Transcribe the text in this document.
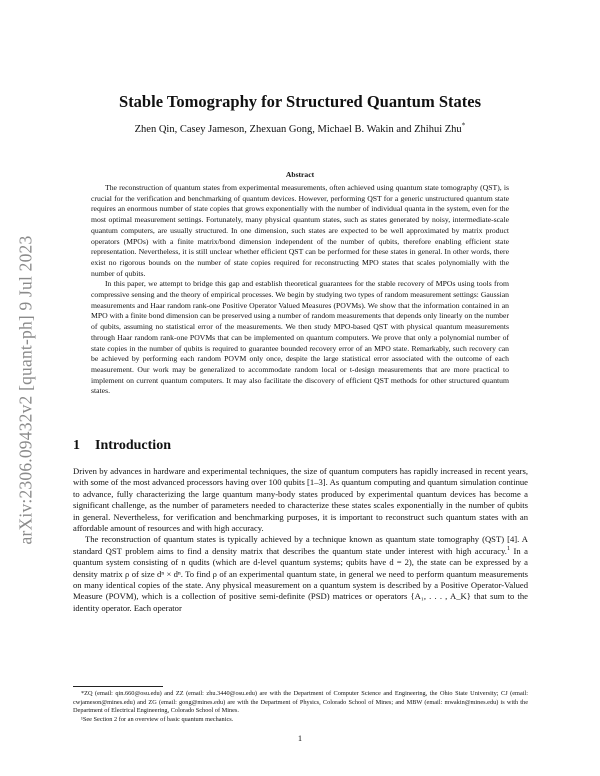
arXiv:2306.09432v2 [quant-ph] 9 Jul 2023
Stable Tomography for Structured Quantum States
Zhen Qin, Casey Jameson, Zhexuan Gong, Michael B. Wakin and Zhihui Zhu*
Abstract

The reconstruction of quantum states from experimental measurements, often achieved using quantum state tomography (QST), is crucial for the verification and benchmarking of quantum devices. However, performing QST for a generic unstructured quantum state requires an enormous number of state copies that grows exponentially with the number of individual quanta in the system, even for the most optimal measurement settings. Fortunately, many physical quantum states, such as states generated by noisy, intermediate-scale quantum computers, are usually structured. In one dimension, such states are expected to be well approximated by matrix product operators (MPOs) with a finite matrix/bond dimension independent of the number of qubits, therefore enabling efficient state representation. Nevertheless, it is still unclear whether efficient QST can be performed for these states in general. In other words, there exist no rigorous bounds on the number of state copies required for reconstructing MPO states that scales polynomially with the number of qubits.

In this paper, we attempt to bridge this gap and establish theoretical guarantees for the stable recovery of MPOs using tools from compressive sensing and the theory of empirical processes. We begin by studying two types of random measurement settings: Gaussian measurements and Haar random rank-one Positive Operator Valued Measures (POVMs). We show that the information contained in an MPO with a finite bond dimension can be preserved using a number of random measurements that depends only linearly on the number of qubits, assuming no statistical error of the measurements. We then study MPO-based QST with physical quantum measurements through Haar random rank-one POVMs that can be implemented on quantum computers. We prove that only a polynomial number of state copies in the number of qubits is required to guarantee bounded recovery error of an MPO state. Remarkably, such recovery can be achieved by performing each random POVM only once, despite the large statistical error associated with the outcome of each measurement. Our work may be generalized to accommodate random local or t-design measurements that are more practical to implement on current quantum computers. It may also facilitate the discovery of efficient QST methods for other structured quantum states.

1 Introduction

Driven by advances in hardware and experimental techniques, the size of quantum computers has rapidly increased in recent years, with some of the most advanced processors having over 100 qubits [1–3]. As quantum computing and quantum simulation continue to advance, fully characterizing the large quantum many-body states produced by experimental quantum devices has become a significant challenge, as the number of parameters needed to characterize these states scales exponentially in the number of qubits in general. Nevertheless, for verification and benchmarking purposes, it is important to reconstruct such quantum states with an affordable amount of resources and with high accuracy.

The reconstruction of quantum states is typically achieved by a technique known as quantum state tomography (QST) [4]. A standard QST problem aims to find a density matrix that describes the quantum state under interest with high accuracy.$^1$ In a quantum system consisting of n qudits (which are d-level quantum systems; qubits have d = 2), the state can be expressed by a density matrix ρ of size dⁿ × dⁿ. To find ρ of an experimental quantum state, in general we need to perform quantum measurements on many identical copies of the state. Any physical measurement on a quantum system is described by a Positive Operator-Valued Measure (POVM), which is a collection of positive semi-definite (PSD) matrices or operators {A₁, . . . , A_K} that sum to the identity operator. Each operator

*ZQ (email: qin.660@osu.edu) and ZZ (email: zhu.3440@osu.edu) are with the Department of Computer Science and Engineering, the Ohio State University; CJ (email: cwjameson@mines.edu) and ZG (email: gong@mines.edu) are with the Department of Physics, Colorado School of Mines; and MBW (email: mwakin@mines.edu) is with the Department of Electrical Engineering, Colorado School of Mines.

¹See Section 2 for an overview of basic quantum mechanics.

1
